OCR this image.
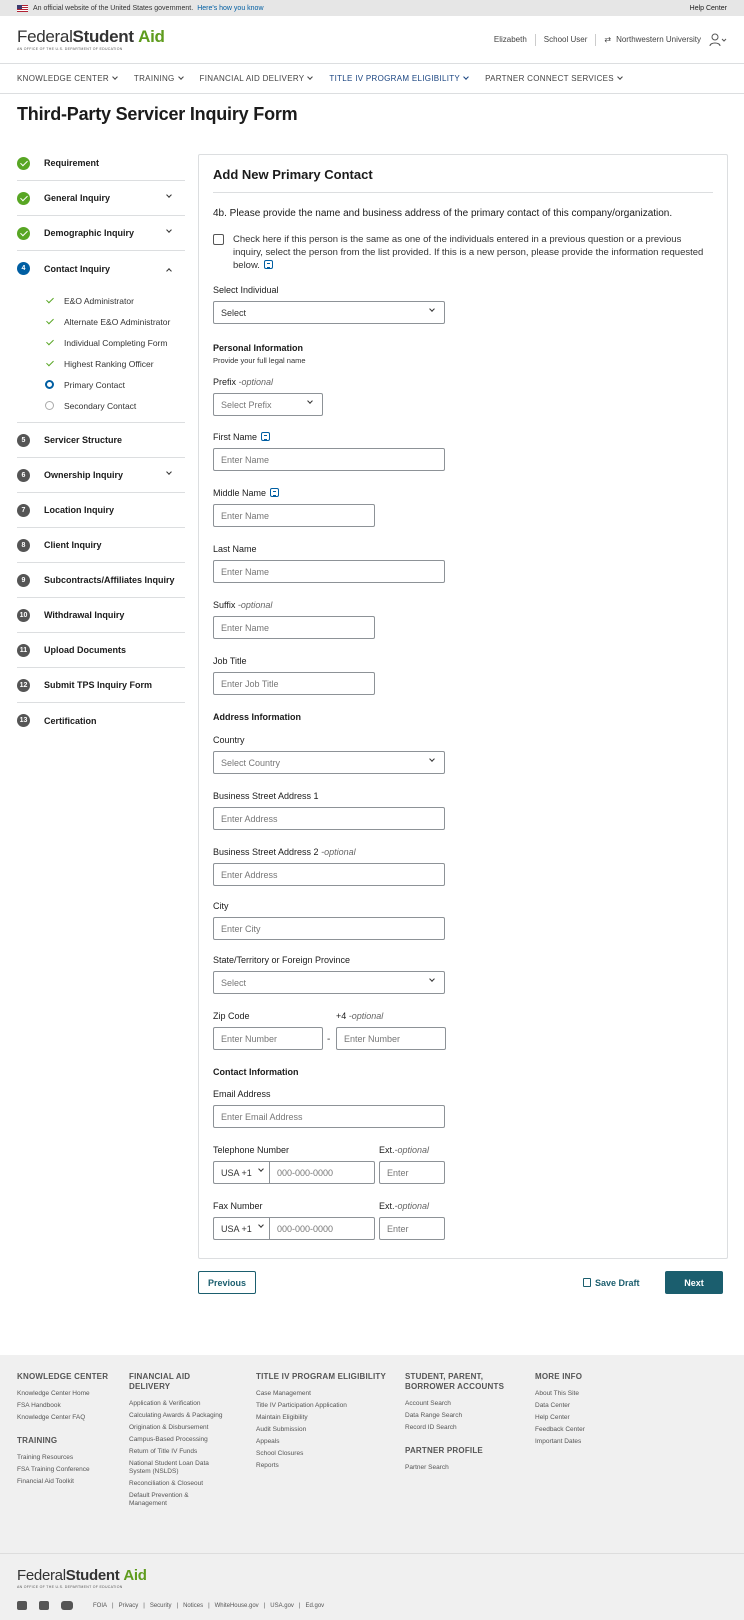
An official website of the United States government. Here's how you know	Help Center
FederalStudent Aid
AN OFFICE OF THE U.S. DEPARTMENT OF EDUCATION
Elizabeth School User ⇄ Northwestern University
KNOWLEDGE CENTER	TRAINING	FINANCIAL AID DELIVERY	TITLE IV PROGRAM ELIGIBILITY	PARTNER CONNECT SERVICES
Third-Party Servicer Inquiry Form
Requirement
General Inquiry
Demographic Inquiry
4	Contact Inquiry
E&O Administrator
Alternate E&O Administrator
Individual Completing Form
Highest Ranking Officer
Primary Contact
Secondary Contact
5	Servicer Structure
6	Ownership Inquiry
7	Location Inquiry
8	Client Inquiry
9	Subcontracts/Affiliates Inquiry
10 Withdrawal Inquiry
11	Upload Documents
12 Submit TPS Inquiry Form
13 Certification
Add New Primary Contact
4b. Please provide the name and business address of the primary contact of this company/organization.
Check here if this person is the same as one of the individuals entered in a previous question or a previous inquiry, select the person from the list provided. If this is a new person, please provide the information requested below.
Select Individual
Select
Personal Information
Provide your full legal name
Prefix -optional
Select Prefix
First Name
Enter Name
Middle Name
Enter Name
Last Name
Enter Name
Suffix -optional
Enter Name
Job Title
Enter Job Title
Address Information
Country
Select Country
Business Street Address 1
Enter Address
Business Street Address 2 -optional
Enter Address
City
Enter City
State/Territory or Foreign Province
Select
Zip Code
Enter Number	-
+4 -optional
Enter Number
Contact Information
Email Address
Enter Email Address
Telephone Number
USA +1	000-000-0000
Ext.-optional
Enter
Fax Number
USA +1	000-000-0000
Ext.-optional
Enter
Previous	Save Draft	Next
KNOWLEDGE CENTER
Knowledge Center Home
FSA Handbook
Knowledge Center FAQ
TRAINING
Training Resources
FSA Training Conference
Financial Aid Toolkit
FINANCIAL AID DELIVERY
Application & Verification
Calculating Awards & Packaging
Origination & Disbursement
Campus-Based Processing
Return of Title IV Funds
National Student Loan Data System (NSLDS)
Reconciliation & Closeout
Default Prevention & Management
TITLE IV PROGRAM ELIGIBILITY
Case Management
Title IV Participation Application
Maintain Eligibility
Audit Submission
Appeals
School Closures
Reports
STUDENT, PARENT, BORROWER ACCOUNTS
Account Search
Data Range Search
Record ID Search
PARTNER PROFILE
Partner Search
MORE INFO
About This Site
Data Center
Help Center
Feedback Center
Important Dates
FederalStudent Aid
AN OFFICE OF THE U.S. DEPARTMENT OF EDUCATION
FOIA | Privacy | Security | Notices | WhiteHouse.gov | USA.gov | Ed.gov
